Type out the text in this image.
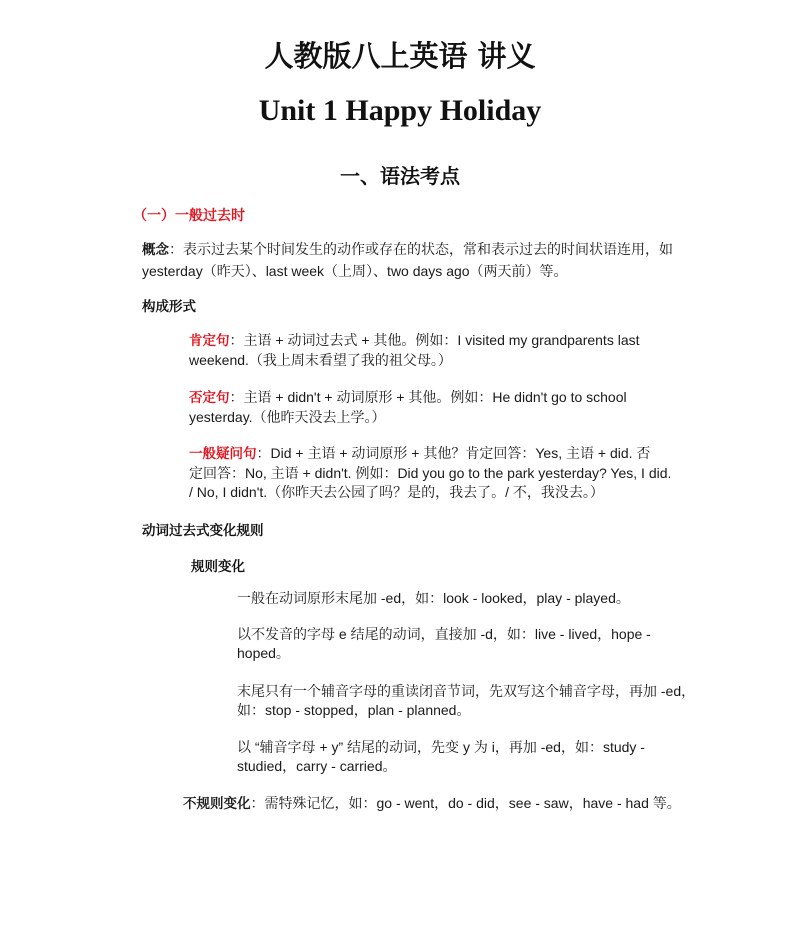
人教版八上英语 讲义
Unit 1 Happy Holiday
一、语法考点
（一）一般过去时
概念：表示过去某个时间发生的动作或存在的状态，常和表示过去的时间状语连用，如
yesterday（昨天）、last week（上周）、two days ago（两天前）等。
构成形式
肯定句：主语 + 动词过去式 + 其他。例如：I visited my grandparents last
weekend.（我上周末看望了我的祖父母。）
否定句：主语 + didn't + 动词原形 + 其他。例如：He didn't go to school
yesterday.（他昨天没去上学。）
一般疑问句：Did + 主语 + 动词原形 + 其他？肯定回答：Yes, 主语 + did. 否
定回答：No, 主语 + didn't. 例如：Did you go to the park yesterday? Yes, I did.
/ No, I didn't.（你昨天去公园了吗？是的，我去了。/ 不，我没去。）
动词过去式变化规则
规则变化
一般在动词原形末尾加 -ed，如：look - looked，play - played。
以不发音的字母 e 结尾的动词，直接加 -d，如：live - lived，hope -
hoped。
末尾只有一个辅音字母的重读闭音节词，先双写这个辅音字母，再加 -ed，
如：stop - stopped，plan - planned。
以 “辅音字母 + y” 结尾的动词，先变 y 为 i，再加 -ed，如：study -
studied，carry - carried。
不规则变化：需特殊记忆，如：go - went，do - did，see - saw，have - had 等。
